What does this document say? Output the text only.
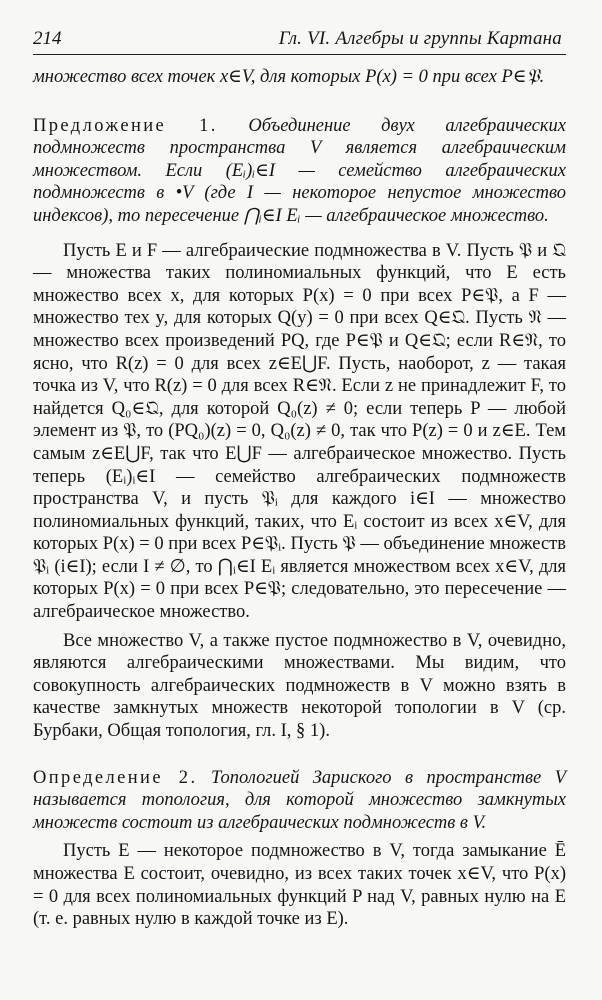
214	Гл. VI. Алгебры и группы Картана

множество всех точек x∈V, для которых P(x) = 0 при всех P∈𝔓.

Предложение 1. Объединение двух алгебраических подмножеств пространства V является алгебраическим множеством. Если (Eᵢ)ᵢ∈I — семейство алгебраических подмножеств в •V (где I — некоторое непустое множество индексов), то пересечение ⋂ᵢ∈I Eᵢ — алгебраическое множество.

Пусть E и F — алгебраические подмножества в V. Пусть 𝔓 и 𝔔 — множества таких полиномиальных функций, что E есть множество всех x, для которых P(x) = 0 при всех P∈𝔓, а F — множество тех y, для которых Q(y) = 0 при всех Q∈𝔔. Пусть 𝔑 — множество всех произведений PQ, где P∈𝔓 и Q∈𝔔; если R∈𝔑, то ясно, что R(z) = 0 для всех z∈E⋃F. Пусть, наоборот, z — такая точка из V, что R(z) = 0 для всех R∈𝔑. Если z не принадлежит F, то найдется Q₀∈𝔔, для которой Q₀(z) ≠ 0; если теперь P — любой элемент из 𝔓, то (PQ₀)(z) = 0, Q₀(z) ≠ 0, так что P(z) = 0 и z∈E. Тем самым z∈E⋃F, так что E⋃F — алгебраическое множество. Пусть теперь (Eᵢ)ᵢ∈I — семейство алгебраических подмножеств пространства V, и пусть 𝔓ᵢ для каждого i∈I — множество полиномиальных функций, таких, что Eᵢ состоит из всех x∈V, для которых P(x) = 0 при всех P∈𝔓ᵢ. Пусть 𝔓 — объединение множеств 𝔓ᵢ (i∈I); если I ≠ ∅, то ⋂ᵢ∈I Eᵢ является множеством всех x∈V, для которых P(x) = 0 при всех P∈𝔓; следовательно, это пересечение — алгебраическое множество.

Все множество V, а также пустое подмножество в V, очевидно, являются алгебраическими множествами. Мы видим, что совокупность алгебраических подмножеств в V можно взять в качестве замкнутых множеств некоторой топологии в V (ср. Бурбаки, Общая топология, гл. I, § 1).

Определение 2. Топологией Зариского в пространстве V называется топология, для которой множество замкнутых множеств состоит из алгебраических подмножеств в V.

Пусть E — некоторое подмножество в V, тогда замыкание Ē множества E состоит, очевидно, из всех таких точек x∈V, что P(x) = 0 для всех полиномиальных функций P над V, равных нулю на E (т. е. равных нулю в каждой точке из E).
